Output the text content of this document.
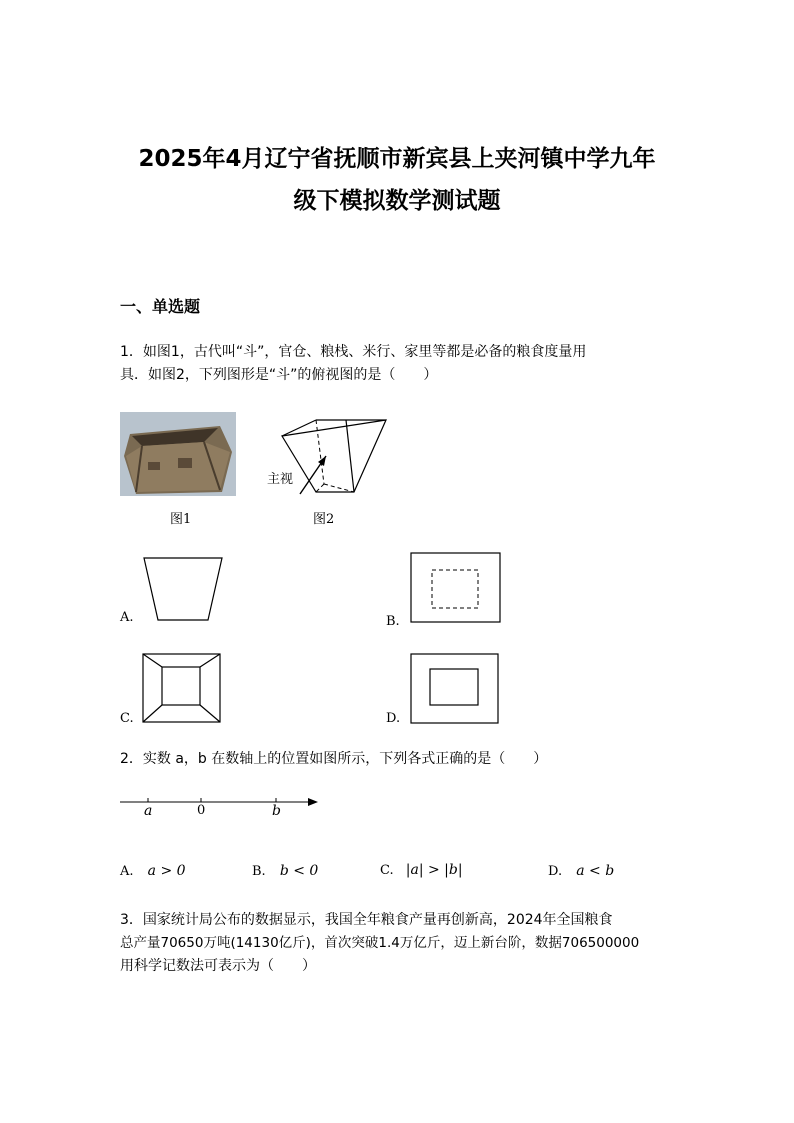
2025年4月辽宁省抚顺市新宾县上夹河镇中学九年
级下模拟数学测试题
一、单选题
1．如图1，古代叫“斗”，官仓、粮栈、米行、家里等都是必备的粮食度量用
具．如图2，下列图形是“斗”的俯视图的是（　　）
图1
主视
图2
A.	B.
C.	D.
2．实数 a，b 在数轴上的位置如图所示，下列各式正确的是（　　）
a	0	b
A. a > 0	B. b < 0	C. |a| > |b|	D. a < b
3．国家统计局公布的数据显示，我国全年粮食产量再创新高，2024年全国粮食
总产量70650万吨(14130亿斤)，首次突破1.4万亿斤，迈上新台阶，数据706500000
用科学记数法可表示为（　　）
